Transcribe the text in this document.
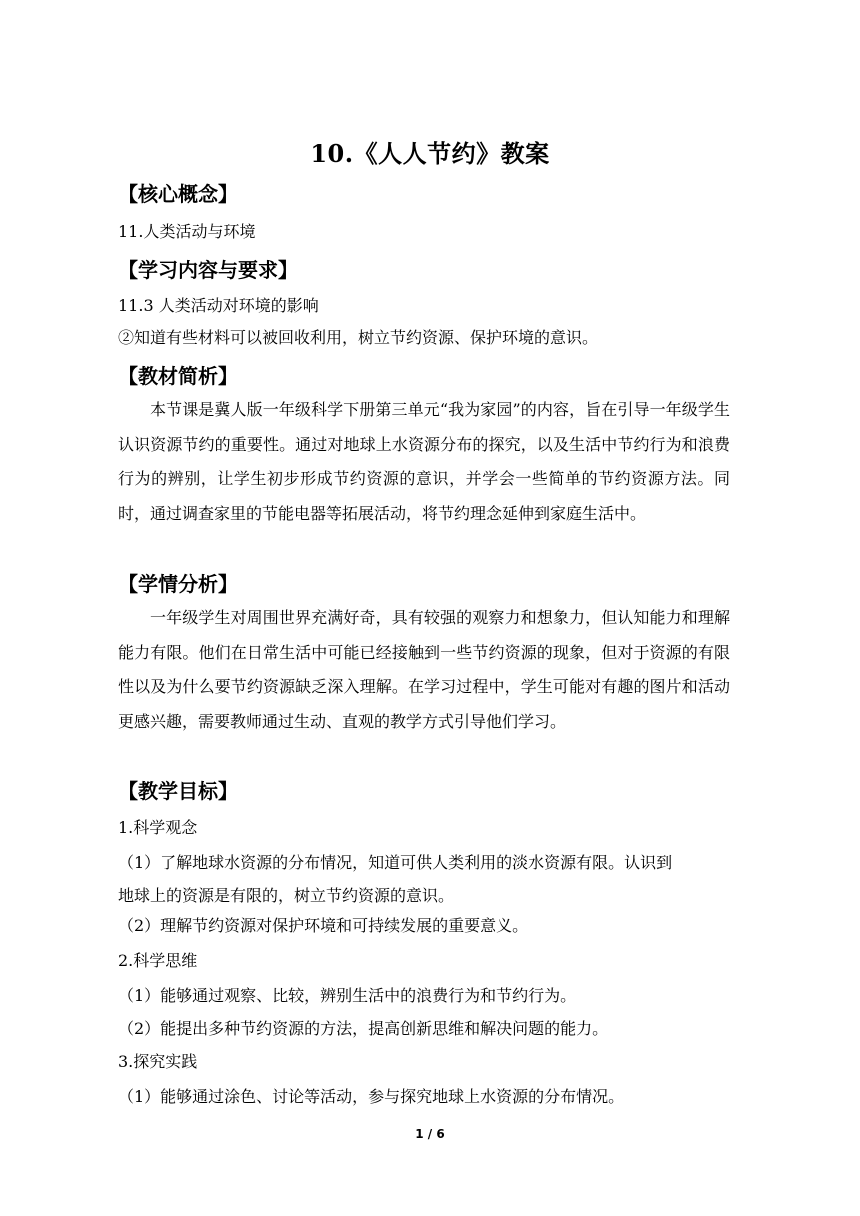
10.《人人节约》教案
【核心概念】
11.人类活动与环境
【学习内容与要求】
11.3 人类活动对环境的影响
②知道有些材料可以被回收利用，树立节约资源、保护环境的意识。
【教材简析】
本节课是冀人版一年级科学下册第三单元“我为家园”的内容，旨在引导一年级学生认识资源节约的重要性。通过对地球上水资源分布的探究，以及生活中节约行为和浪费行为的辨别，让学生初步形成节约资源的意识，并学会一些简单的节约资源方法。同时，通过调查家里的节能电器等拓展活动，将节约理念延伸到家庭生活中。
【学情分析】
一年级学生对周围世界充满好奇，具有较强的观察力和想象力，但认知能力和理解能力有限。他们在日常生活中可能已经接触到一些节约资源的现象，但对于资源的有限性以及为什么要节约资源缺乏深入理解。在学习过程中，学生可能对有趣的图片和活动更感兴趣，需要教师通过生动、直观的教学方式引导他们学习。
【教学目标】
1.科学观念
（1）了解地球水资源的分布情况，知道可供人类利用的淡水资源有限。认识到
地球上的资源是有限的，树立节约资源的意识。
（2）理解节约资源对保护环境和可持续发展的重要意义。
2.科学思维
（1）能够通过观察、比较，辨别生活中的浪费行为和节约行为。
（2）能提出多种节约资源的方法，提高创新思维和解决问题的能力。
3.探究实践
（1）能够通过涂色、讨论等活动，参与探究地球上水资源的分布情况。
1 / 6
